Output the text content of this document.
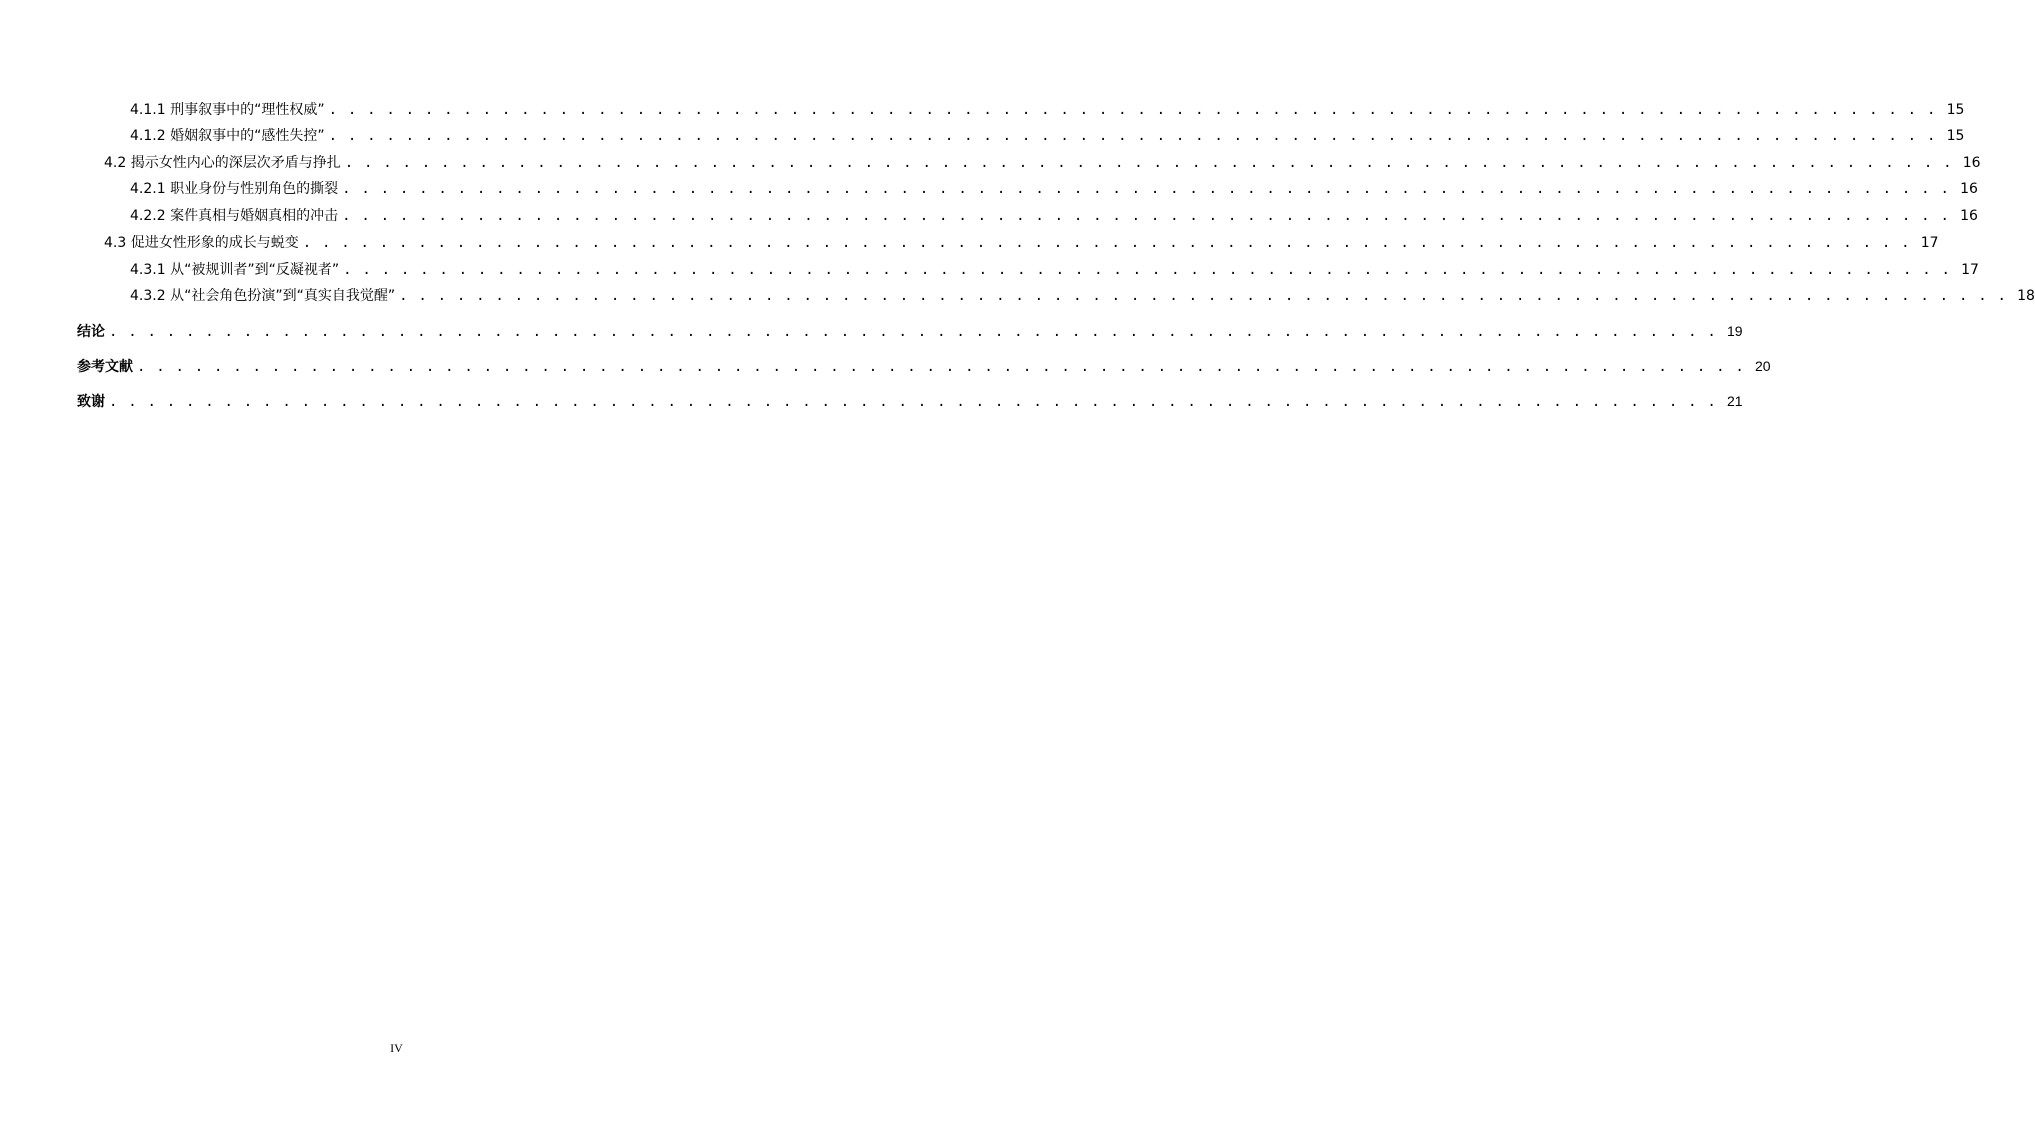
4.1.1 刑事叙事中的“理性权威” . . . . . . . . . . . . . . . . . . . . . . . . . . . . . . . . . . . . . . . . . . . . . . . . . . . . . . . . . . . . . . . . . . . . . . . . . . . . . . . . . . . . 15
4.1.2 婚姻叙事中的“感性失控” . . . . . . . . . . . . . . . . . . . . . . . . . . . . . . . . . . . . . . . . . . . . . . . . . . . . . . . . . . . . . . . . . . . . . . . . . . . . . . . . . . . . 15
4.2 揭示女性内心的深层次矛盾与挣扎 . . . . . . . . . . . . . . . . . . . . . . . . . . . . . . . . . . . . . . . . . . . . . . . . . . . . . . . . . . . . . . . . . . . . . . . . . . . . . . . . . . . . 16
4.2.1 职业身份与性别角色的撕裂 . . . . . . . . . . . . . . . . . . . . . . . . . . . . . . . . . . . . . . . . . . . . . . . . . . . . . . . . . . . . . . . . . . . . . . . . . . . . . . . . . . . . 16
4.2.2 案件真相与婚姻真相的冲击 . . . . . . . . . . . . . . . . . . . . . . . . . . . . . . . . . . . . . . . . . . . . . . . . . . . . . . . . . . . . . . . . . . . . . . . . . . . . . . . . . . . . 16
4.3 促进女性形象的成长与蜕变 . . . . . . . . . . . . . . . . . . . . . . . . . . . . . . . . . . . . . . . . . . . . . . . . . . . . . . . . . . . . . . . . . . . . . . . . . . . . . . . . . . . . 17
4.3.1 从“被规训者”到“反凝视者” . . . . . . . . . . . . . . . . . . . . . . . . . . . . . . . . . . . . . . . . . . . . . . . . . . . . . . . . . . . . . . . . . . . . . . . . . . . . . . . . . . . . 17
4.3.2 从“社会角色扮演”到“真实自我觉醒” . . . . . . . . . . . . . . . . . . . . . . . . . . . . . . . . . . . . . . . . . . . . . . . . . . . . . . . . . . . . . . . . . . . . . . . . . . . . . . . . . . . . 18
结论 . . . . . . . . . . . . . . . . . . . . . . . . . . . . . . . . . . . . . . . . . . . . . . . . . . . . . . . . . . . . . . . . . . . . . . . . . . . . . . . . . . . . 19
参考文献 . . . . . . . . . . . . . . . . . . . . . . . . . . . . . . . . . . . . . . . . . . . . . . . . . . . . . . . . . . . . . . . . . . . . . . . . . . . . . . . . . . . . 20
致谢 . . . . . . . . . . . . . . . . . . . . . . . . . . . . . . . . . . . . . . . . . . . . . . . . . . . . . . . . . . . . . . . . . . . . . . . . . . . . . . . . . . . . 21
IV
